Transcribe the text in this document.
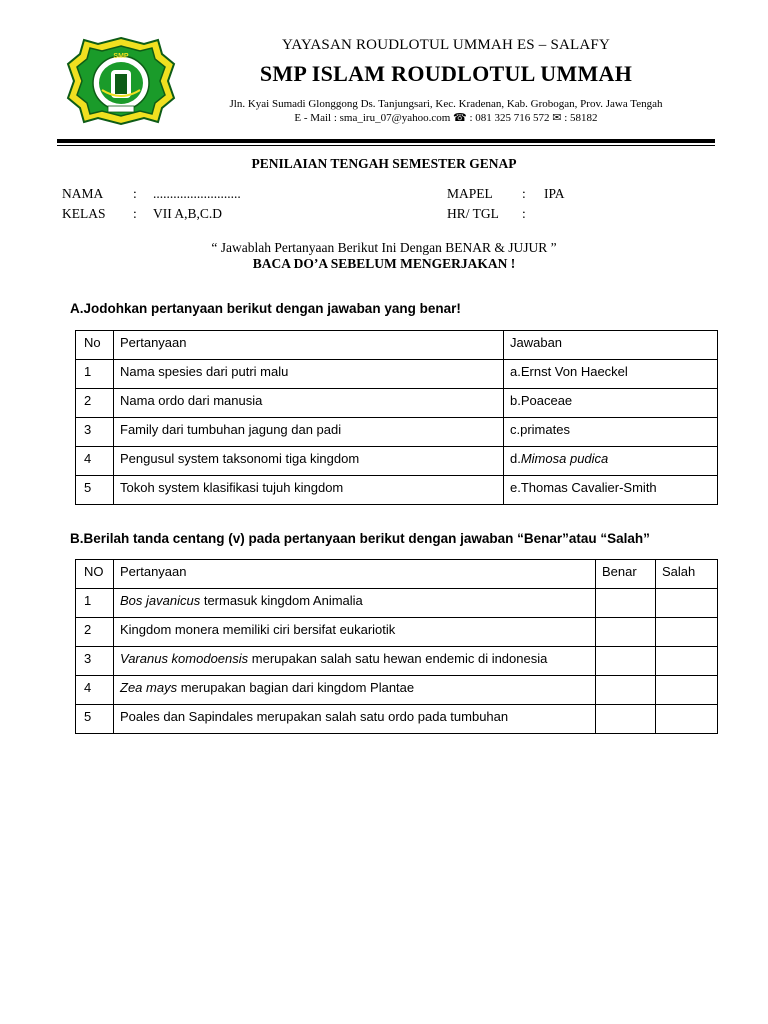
SMP
YAYASAN ROUDLOTUL UMMAH ES – SALAFY
SMP ISLAM ROUDLOTUL UMMAH
Jln. Kyai Sumadi Glonggong Ds. Tanjungsari, Kec. Kradenan, Kab. Grobogan, Prov. Jawa Tengah
E - Mail : sma_iru_07@yahoo.com ☎ : 081 325 716 572 ✉ : 58182
PENILAIAN TENGAH SEMESTER GENAP
NAMA : ..........................
KELAS : VII A,B,C.D
MAPEL : IPA
HR/ TGL :
“ Jawablah Pertanyaan Berikut Ini Dengan BENAR & JUJUR ”
BACA DO’A SEBELUM MENGERJAKAN !
A.Jodohkan pertanyaan berikut dengan jawaban yang benar!
No	Pertanyaan	Jawaban
1	Nama spesies dari putri malu	a.Ernst Von Haeckel
2	Nama ordo dari manusia	b.Poaceae
3	Family dari tumbuhan jagung dan padi	c.primates
4	Pengusul system taksonomi tiga kingdom	d.Mimosa pudica
5	Tokoh system klasifikasi tujuh kingdom	e.Thomas Cavalier-Smith
B.Berilah tanda centang (v) pada pertanyaan berikut dengan jawaban “Benar”atau “Salah”
NO	Pertanyaan	Benar	Salah
1	Bos javanicus termasuk kingdom Animalia		
2	Kingdom monera memiliki ciri bersifat eukariotik		
3	Varanus komodoensis merupakan salah satu hewan endemic di indonesia		
4	Zea mays merupakan bagian dari kingdom Plantae		
5	Poales dan Sapindales merupakan salah satu ordo pada tumbuhan		
